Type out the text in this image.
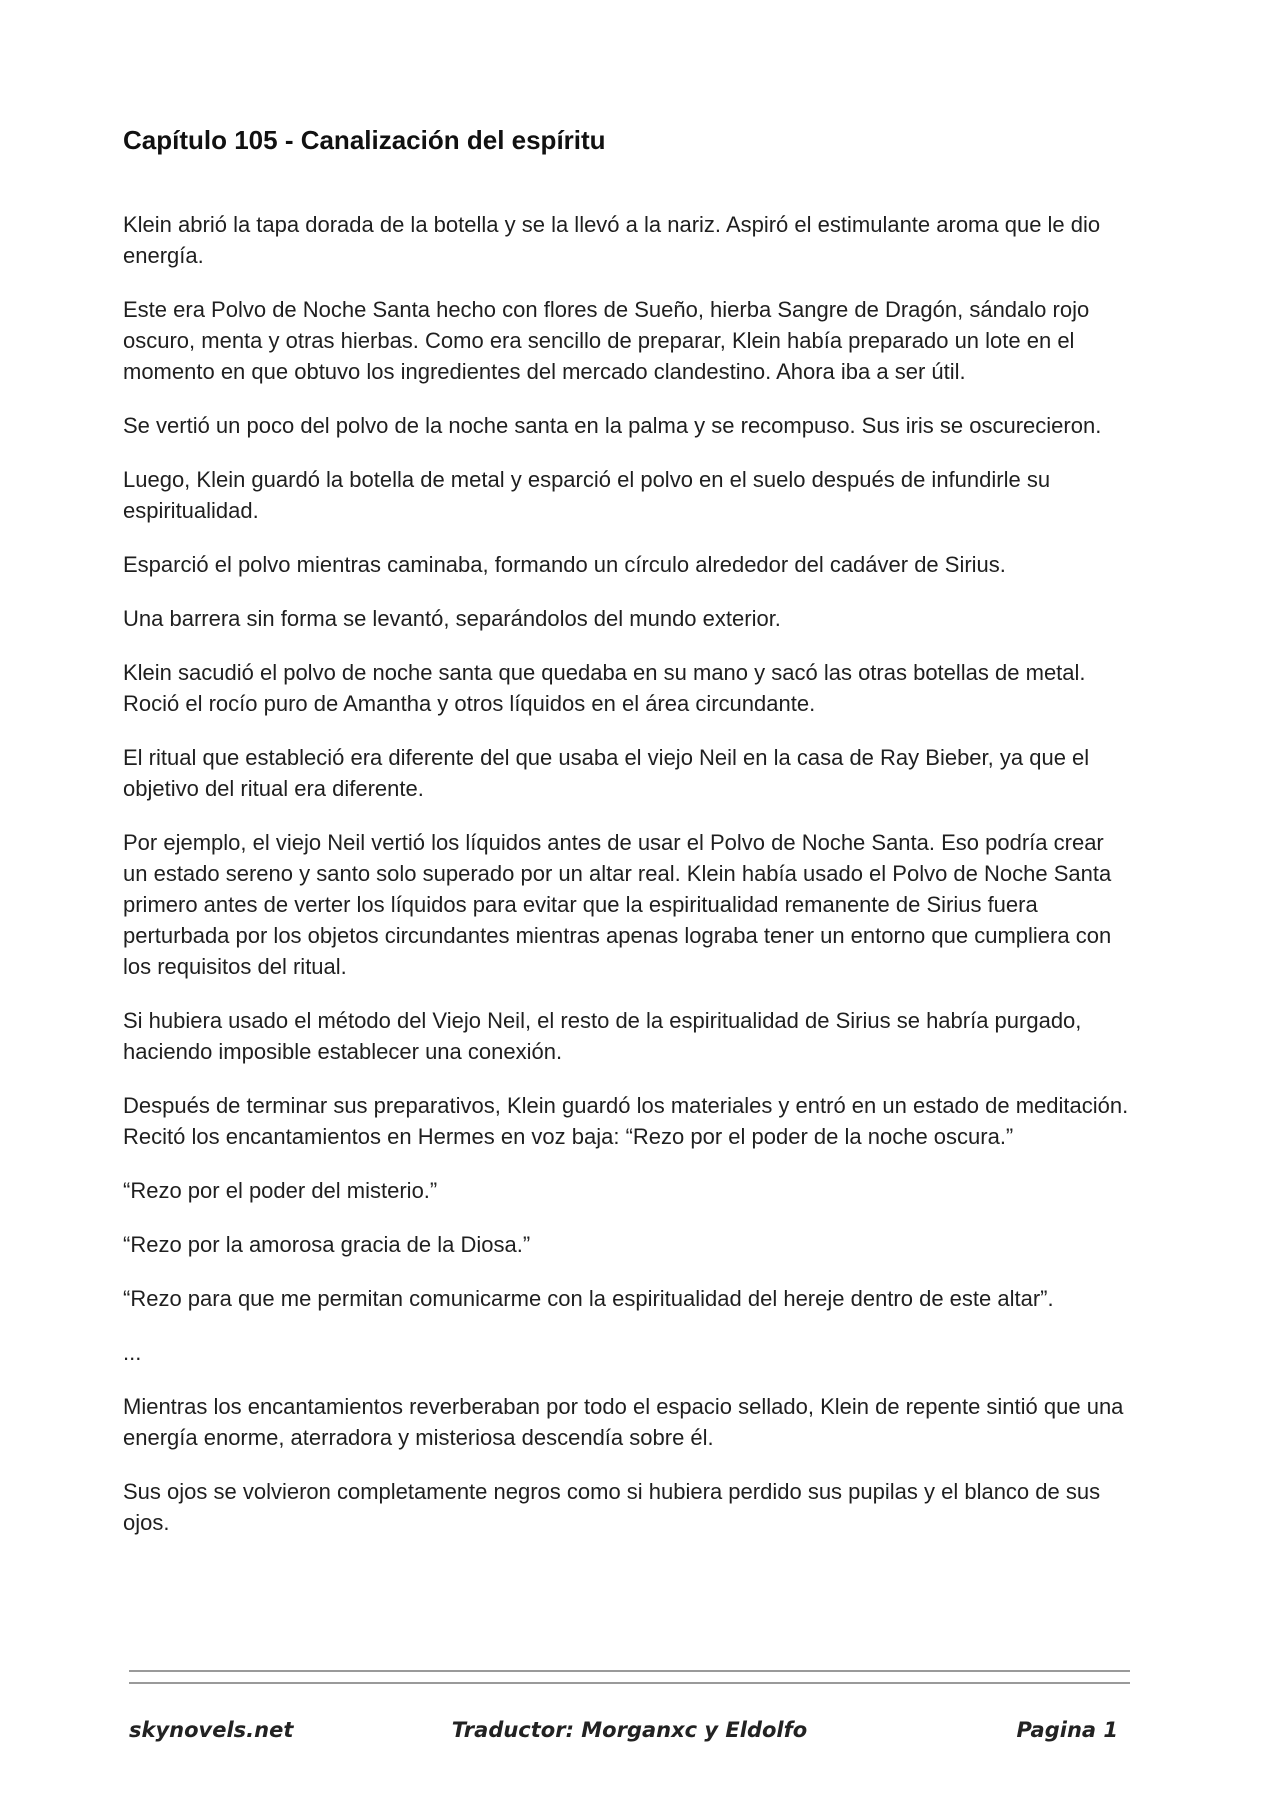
Capítulo 105 - Canalización del espíritu

Klein abrió la tapa dorada de la botella y se la llevó a la nariz. Aspiró el estimulante aroma que le dio energía.

Este era Polvo de Noche Santa hecho con flores de Sueño, hierba Sangre de Dragón, sándalo rojo oscuro, menta y otras hierbas. Como era sencillo de preparar, Klein había preparado un lote en el momento en que obtuvo los ingredientes del mercado clandestino. Ahora iba a ser útil.

Se vertió un poco del polvo de la noche santa en la palma y se recompuso. Sus iris se oscurecieron.

Luego, Klein guardó la botella de metal y esparció el polvo en el suelo después de infundirle su espiritualidad.

Esparció el polvo mientras caminaba, formando un círculo alrededor del cadáver de Sirius.

Una barrera sin forma se levantó, separándolos del mundo exterior.

Klein sacudió el polvo de noche santa que quedaba en su mano y sacó las otras botellas de metal. Roció el rocío puro de Amantha y otros líquidos en el área circundante.

El ritual que estableció era diferente del que usaba el viejo Neil en la casa de Ray Bieber, ya que el objetivo del ritual era diferente.

Por ejemplo, el viejo Neil vertió los líquidos antes de usar el Polvo de Noche Santa. Eso podría crear un estado sereno y santo solo superado por un altar real. Klein había usado el Polvo de Noche Santa primero antes de verter los líquidos para evitar que la espiritualidad remanente de Sirius fuera perturbada por los objetos circundantes mientras apenas lograba tener un entorno que cumpliera con los requisitos del ritual.

Si hubiera usado el método del Viejo Neil, el resto de la espiritualidad de Sirius se habría purgado, haciendo imposible establecer una conexión.

Después de terminar sus preparativos, Klein guardó los materiales y entró en un estado de meditación. Recitó los encantamientos en Hermes en voz baja: “Rezo por el poder de la noche oscura.”

“Rezo por el poder del misterio.”

“Rezo por la amorosa gracia de la Diosa.”

“Rezo para que me permitan comunicarme con la espiritualidad del hereje dentro de este altar”.

...

Mientras los encantamientos reverberaban por todo el espacio sellado, Klein de repente sintió que una energía enorme, aterradora y misteriosa descendía sobre él.

Sus ojos se volvieron completamente negros como si hubiera perdido sus pupilas y el blanco de sus ojos.

skynovels.net	Traductor: Morganxc y Eldolfo	Pagina 1
